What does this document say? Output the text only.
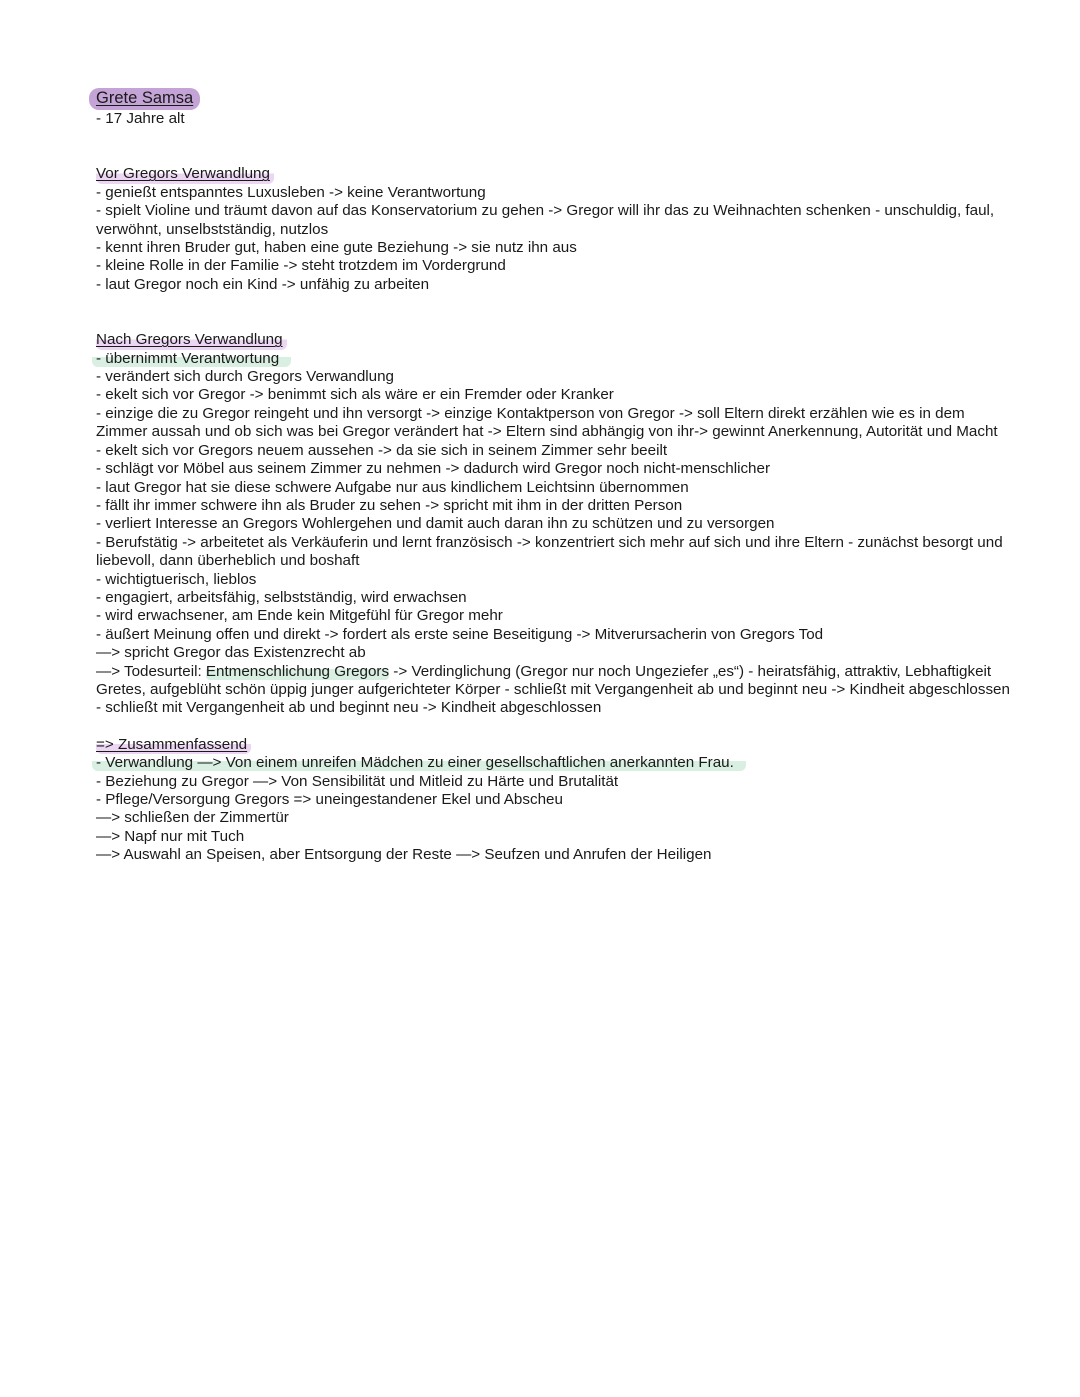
Grete Samsa
- 17 Jahre alt
Vor Gregors Verwandlung
- genießt entspanntes Luxusleben -> keine Verantwortung
- spielt Violine und träumt davon auf das Konservatorium zu gehen -> Gregor will ihr das zu Weihnachten schenken - unschuldig, faul, verwöhnt, unselbstständig, nutzlos
- kennt ihren Bruder gut, haben eine gute Beziehung -> sie nutz ihn aus
- kleine Rolle in der Familie -> steht trotzdem im Vordergrund
- laut Gregor noch ein Kind -> unfähig zu arbeiten
Nach Gregors Verwandlung
- übernimmt Verantwortung
- verändert sich durch Gregors Verwandlung
- ekelt sich vor Gregor -> benimmt sich als wäre er ein Fremder oder Kranker
- einzige die zu Gregor reingeht und ihn versorgt -> einzige Kontaktperson von Gregor -> soll Eltern direkt erzählen wie es in dem Zimmer aussah und ob sich was bei Gregor verändert hat -> Eltern sind abhängig von ihr-> gewinnt Anerkennung, Autorität und Macht
- ekelt sich vor Gregors neuem aussehen -> da sie sich in seinem Zimmer sehr beeilt
- schlägt vor Möbel aus seinem Zimmer zu nehmen -> dadurch wird Gregor noch nicht-menschlicher
- laut Gregor hat sie diese schwere Aufgabe nur aus kindlichem Leichtsinn übernommen
- fällt ihr immer schwere ihn als Bruder zu sehen -> spricht mit ihm in der dritten Person
- verliert Interesse an Gregors Wohlergehen und damit auch daran ihn zu schützen und zu versorgen
- Berufstätig -> arbeitetet als Verkäuferin und lernt französisch -> konzentriert sich mehr auf sich und ihre Eltern - zunächst besorgt und liebevoll, dann überheblich und boshaft
- wichtigtuerisch, lieblos
- engagiert, arbeitsfähig, selbstständig, wird erwachsen
- wird erwachsener, am Ende kein Mitgefühl für Gregor mehr
- äußert Meinung offen und direkt -> fordert als erste seine Beseitigung -> Mitverursacherin von Gregors Tod
—> spricht Gregor das Existenzrecht ab
—> Todesurteil: Entmenschlichung Gregors -> Verdinglichung (Gregor nur noch Ungeziefer „es“) - heiratsfähig, attraktiv, Lebhaftigkeit Gretes, aufgeblüht schön üppig junger aufgerichteter Körper - schließt mit Vergangenheit ab und beginnt neu -> Kindheit abgeschlossen
- schließt mit Vergangenheit ab und beginnt neu -> Kindheit abgeschlossen
=> Zusammenfassend
- Verwandlung —> Von einem unreifen Mädchen zu einer gesellschaftlichen anerkannten Frau.
- Beziehung zu Gregor —> Von Sensibilität und Mitleid zu Härte und Brutalität
- Pflege/Versorgung Gregors => uneingestandener Ekel und Abscheu
—> schließen der Zimmertür
—> Napf nur mit Tuch
—> Auswahl an Speisen, aber Entsorgung der Reste —> Seufzen und Anrufen der Heiligen
